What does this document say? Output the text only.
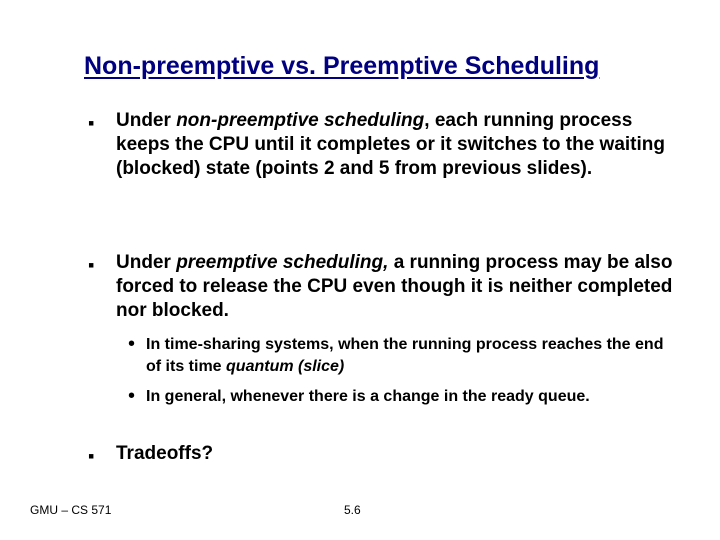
Non-preemptive vs. Preemptive Scheduling
▪ Under non-preemptive scheduling, each running process keeps the CPU until it completes or it switches to the waiting (blocked) state (points 2 and 5 from previous slides).
▪ Under preemptive scheduling, a running process may be also forced to release the CPU even though it is neither completed nor blocked.
• In time-sharing systems, when the running process reaches the end of its time quantum (slice)
• In general, whenever there is a change in the ready queue.
▪ Tradeoffs?
GMU – CS 571	5.6
